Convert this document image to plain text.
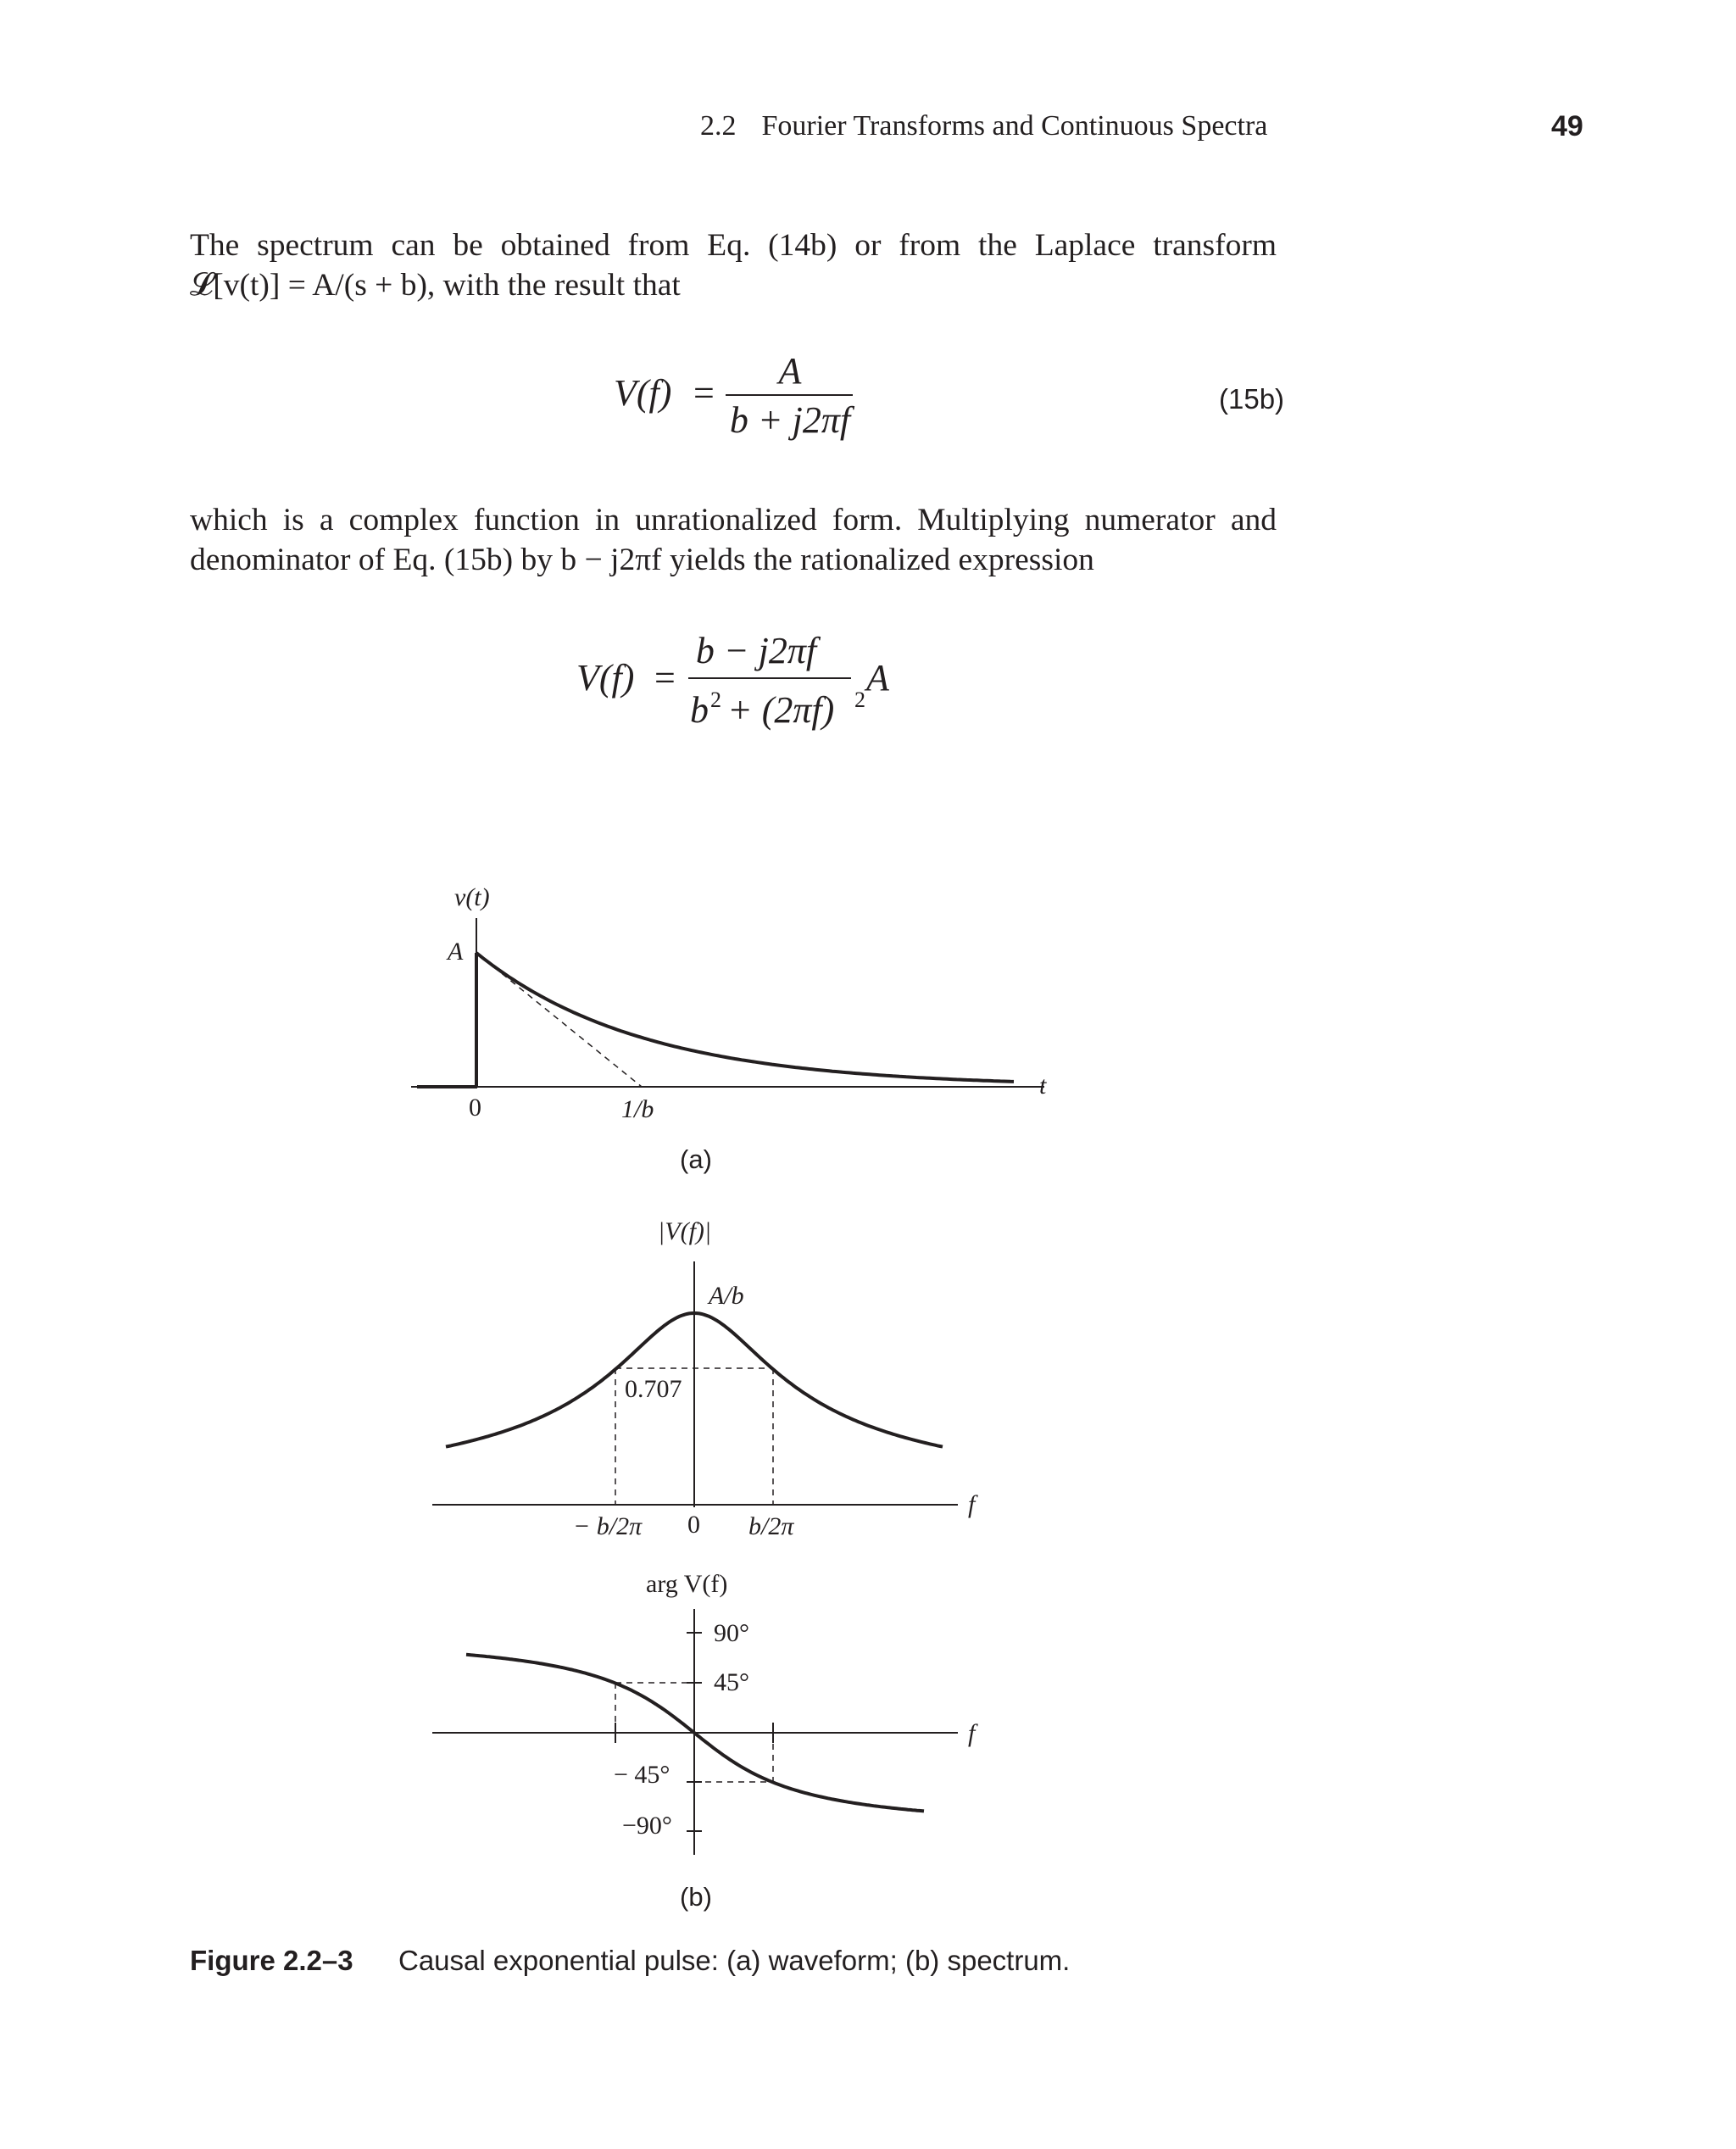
2.2 Fourier Transforms and Continuous Spectra	49
The spectrum can be obtained from Eq. (14b) or from the Laplace transform
𝓛[v(t)] = A/(s + b), with the result that
V(f) =
A
b + j2πf
(15b)
which is a complex function in unrationalized form. Multiplying numerator and
denominator of Eq. (15b) by b − j2πf yields the rationalized expression
V(f) =
b − j2πf
b 2 + (2πf) 2
A
v(t)
A
0	1/b
t
(a)
|V(f)|
A/b
0.707
− b/2π 0 b/2π
f
arg V(f)
90°
45°
− 45°
−90°
f
(b)
Figure 2.2–3 Causal exponential pulse: (a) waveform; (b) spectrum.
